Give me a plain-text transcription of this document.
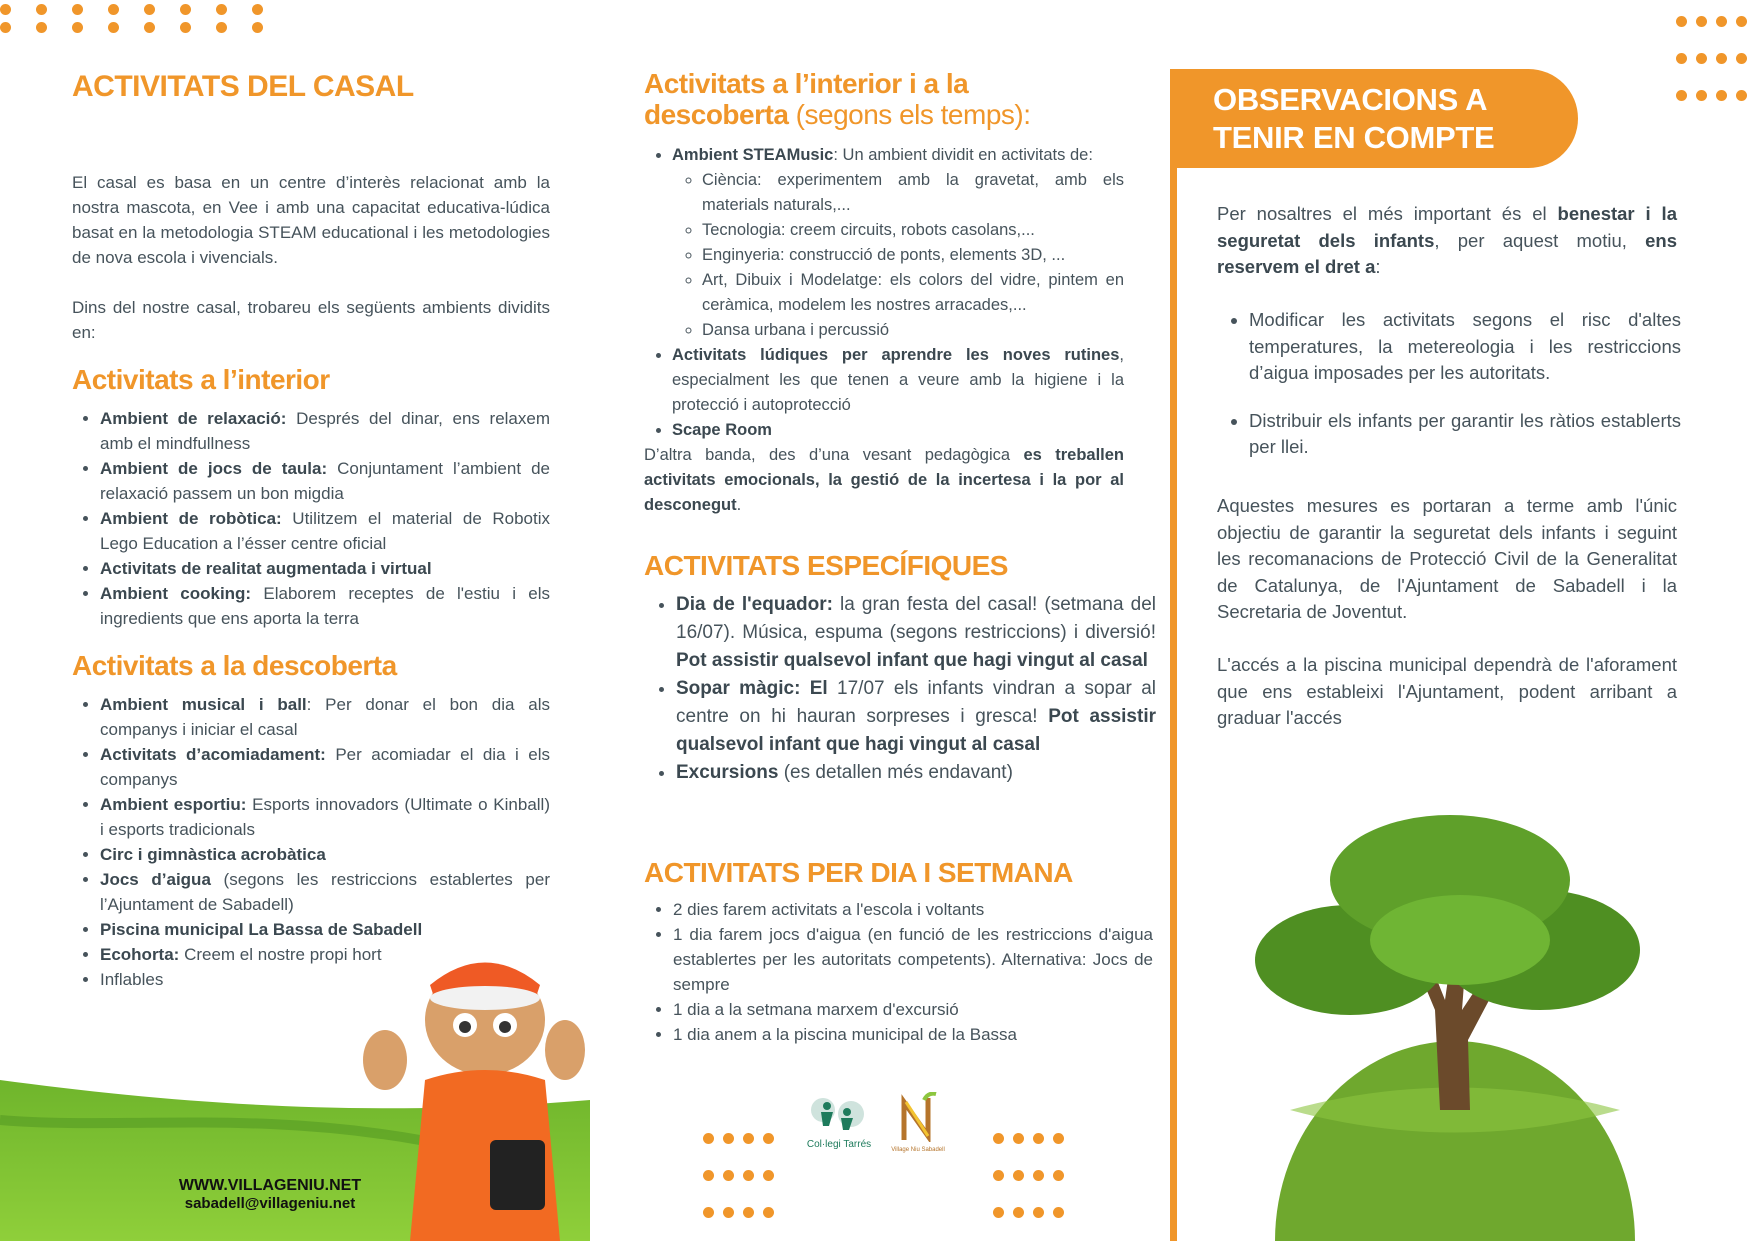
ACTIVITATS DEL CASAL

El casal es basa en un centre d’interès relacionat amb la nostra mascota, en Vee i amb una capacitat educativa-lúdica basat en la metodologia STEAM educational i les metodologies de nova escola i vivencials.

Dins del nostre casal, trobareu els següents ambients dividits en:

Activitats a l’interior
• Ambient de relaxació: Després del dinar, ens relaxem amb el mindfullness
• Ambient de jocs de taula: Conjuntament l’ambient de relaxació passem un bon migdia
• Ambient de robòtica: Utilitzem el material de Robotix Lego Education a l’ésser centre oficial
• Activitats de realitat augmentada i virtual
• Ambient cooking: Elaborem receptes de l'estiu i els ingredients que ens aporta la terra
Activitats a la descoberta
• Ambient musical i ball: Per donar el bon dia als companys i iniciar el casal
• Activitats d’acomiadament: Per acomiadar el dia i els companys
• Ambient esportiu: Esports innovadors (Ultimate o Kinball) i esports tradicionals
• Circ i gimnàstica acrobàtica
• Jocs d’aigua (segons les restriccions establertes per l’Ajuntament de Sabadell)
• Piscina municipal La Bassa de Sabadell
• Ecohorta: Creem el nostre propi hort
• Inflables
WWW.VILLAGENIU.NET
sabadell@villageniu.net
Activitats a l’interior i a la descoberta (segons els temps):
• Ambient STEAMusic: Un ambient dividit en activitats de:
◦ Ciència: experimentem amb la gravetat, amb els materials naturals,...
◦ Tecnologia: creem circuits, robots casolans,...
◦ Enginyeria: construcció de ponts, elements 3D, ...
◦ Art, Dibuix i Modelatge: els colors del vidre, pintem en ceràmica, modelem les nostres arracades,...
◦ Dansa urbana i percussió
• Activitats lúdiques per aprendre les noves rutines, especialment les que tenen a veure amb la higiene i la protecció i autoprotecció
• Scape Room

D’altra banda, des d’una vesant pedagògica es treballen activitats emocionals, la gestió de la incertesa i la por al desconegut.

ACTIVITATS ESPECÍFIQUES
• Dia de l'equador: la gran festa del casal! (setmana del 16/07). Música, espuma (segons restriccions) i diversió! Pot assistir qualsevol infant que hagi vingut al casal
• Sopar màgic: El 17/07 els infants vindran a sopar al centre on hi hauran sorpreses i gresca! Pot assistir qualsevol infant que hagi vingut al casal
• Excursions (es detallen més endavant)
ACTIVITATS PER DIA I SETMANA
• 2 dies farem activitats a l'escola i voltants
• 1 dia farem jocs d'aigua (en funció de les restriccions d'aigua establertes per les autoritats competents). Alternativa: Jocs de sempre
• 1 dia a la setmana marxem d'excursió
• 1 dia anem a la piscina municipal de la Bassa
Col·legi Tarrés	Village Niu Sabadell
OBSERVACIONS A
TENIR EN COMPTE

Per nosaltres el més important és el benestar i la seguretat dels infants, per aquest motiu, ens reservem el dret a:

• Modificar les activitats segons el risc d'altes temperatures, la metereologia i les restriccions d’aigua imposades per les autoritats.
• Distribuir els infants per garantir les ràtios establerts per llei.

Aquestes mesures es portaran a terme amb l'únic objectiu de garantir la seguretat dels infants i seguint les recomanacions de Protecció Civil de la Generalitat de Catalunya, de l'Ajuntament de Sabadell i la Secretaria de Joventut.

L'accés a la piscina municipal dependrà de l'aforament que ens estableixi l'Ajuntament, podent arribant a graduar l'accés
